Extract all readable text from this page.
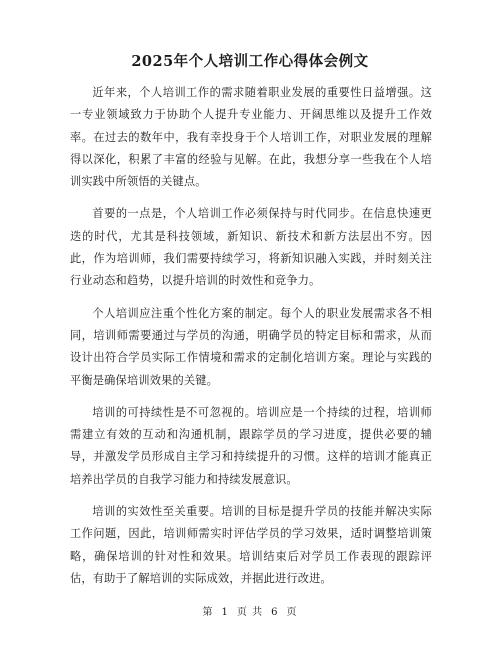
2025年个人培训工作心得体会例文

近年来，个人培训工作的需求随着职业发展的重要性日益增强。这一专业领域致力于协助个人提升专业能力、开阔思维以及提升工作效率。在过去的数年中，我有幸投身于个人培训工作，对职业发展的理解得以深化，积累了丰富的经验与见解。在此，我想分享一些我在个人培训实践中所领悟的关键点。

首要的一点是，个人培训工作必须保持与时代同步。在信息快速更迭的时代，尤其是科技领域，新知识、新技术和新方法层出不穷。因此，作为培训师，我们需要持续学习，将新知识融入实践，并时刻关注行业动态和趋势，以提升培训的时效性和竞争力。

个人培训应注重个性化方案的制定。每个人的职业发展需求各不相同，培训师需要通过与学员的沟通，明确学员的特定目标和需求，从而设计出符合学员实际工作情境和需求的定制化培训方案。理论与实践的平衡是确保培训效果的关键。

培训的可持续性是不可忽视的。培训应是一个持续的过程，培训师需建立有效的互动和沟通机制，跟踪学员的学习进度，提供必要的辅导，并激发学员形成自主学习和持续提升的习惯。这样的培训才能真正培养出学员的自我学习能力和持续发展意识。

培训的实效性至关重要。培训的目标是提升学员的技能并解决实际工作问题，因此，培训师需实时评估学员的学习效果，适时调整培训策略，确保培训的针对性和效果。培训结束后对学员工作表现的跟踪评估，有助于了解培训的实际成效，并据此进行改进。

第 1 页 共 6 页
